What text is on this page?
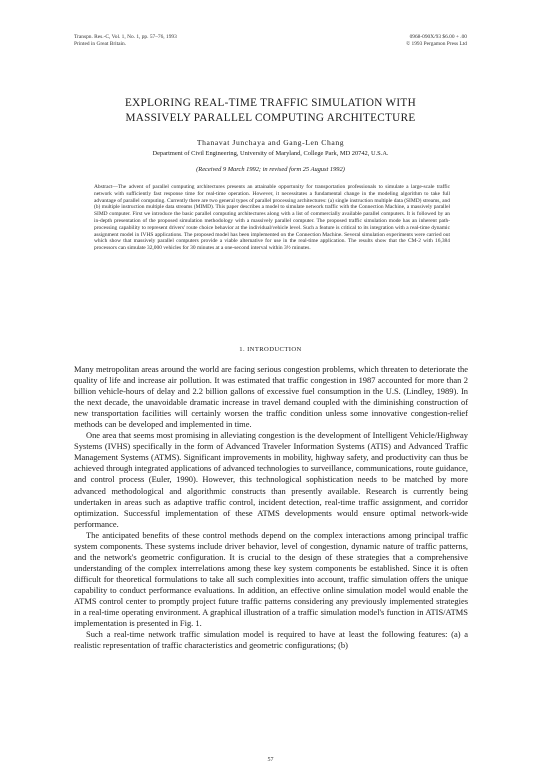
Transpn. Res.-C, Vol. 1, No. 1, pp. 57–76, 1993
Printed in Great Britain.
0968-090X/93 $6.00 + .00
© 1993 Pergamon Press Ltd
EXPLORING REAL-TIME TRAFFIC SIMULATION WITH
MASSIVELY PARALLEL COMPUTING ARCHITECTURE
Thanavat Junchaya and Gang-Len Chang
Department of Civil Engineering, University of Maryland, College Park, MD 20742, U.S.A.
(Received 9 March 1992; in revised form 25 August 1992)
Abstract—The advent of parallel computing architectures presents an attainable opportunity for transportation professionals to simulate a large-scale traffic network with sufficiently fast response time for real-time operation. However, it necessitates a fundamental change in the modeling algorithm to take full advantage of parallel computing. Currently there are two general types of parallel processing architectures: (a) single instruction multiple data (SIMD) streams, and (b) multiple instruction multiple data streams (MIMD). This paper describes a model to simulate network traffic with the Connection Machine, a massively parallel SIMD computer. First we introduce the basic parallel computing architectures along with a list of commercially available parallel computers. It is followed by an in-depth presentation of the proposed simulation methodology with a massively parallel computer. The proposed traffic simulation mode has an inherent path-processing capability to represent drivers' route choice behavior at the individual/vehicle level. Such a feature is critical to its integration with a real-time dynamic assignment model in IVHS applications. The proposed model has been implemented on the Connection Machine. Several simulation experiments were carried out which show that massively parallel computers provide a viable alternative for use in the real-time application. The results show that the CM-2 with 16,384 processors can simulate 32,000 vehicles for 30 minutes at a one-second interval within 3½ minutes.
1. INTRODUCTION

Many metropolitan areas around the world are facing serious congestion problems, which threaten to deteriorate the quality of life and increase air pollution. It was estimated that traffic congestion in 1987 accounted for more than 2 billion vehicle-hours of delay and 2.2 billion gallons of excessive fuel consumption in the U.S. (Lindley, 1989). In the next decade, the unavoidable dramatic increase in travel demand coupled with the diminishing construction of new transportation facilities will certainly worsen the traffic condition unless some innovative congestion-relief methods can be developed and implemented in time.

One area that seems most promising in alleviating congestion is the development of Intelligent Vehicle/Highway Systems (IVHS) specifically in the form of Advanced Traveler Information Systems (ATIS) and Advanced Traffic Management Systems (ATMS). Significant improvements in mobility, highway safety, and productivity can thus be achieved through integrated applications of advanced technologies to surveillance, communications, route guidance, and control process (Euler, 1990). However, this technological sophistication needs to be matched by more advanced methodological and algorithmic constructs than presently available. Research is currently being undertaken in areas such as adaptive traffic control, incident detection, real-time traffic assignment, and corridor optimization. Successful implementation of these ATMS developments would ensure optimal network-wide performance.

The anticipated benefits of these control methods depend on the complex interactions among principal traffic system components. These systems include driver behavior, level of congestion, dynamic nature of traffic patterns, and the network's geometric configuration. It is crucial to the design of these strategies that a comprehensive understanding of the complex interrelations among these key system components be established. Since it is often difficult for theoretical formulations to take all such complexities into account, traffic simulation offers the unique capability to conduct performance evaluations. In addition, an effective online simulation model would enable the ATMS control center to promptly project future traffic patterns considering any previously implemented strategies in a real-time operating environment. A graphical illustration of a traffic simulation model's function in ATIS/ATMS implementation is presented in Fig. 1.

Such a real-time network traffic simulation model is required to have at least the following features: (a) a realistic representation of traffic characteristics and geometric configurations; (b)

57
